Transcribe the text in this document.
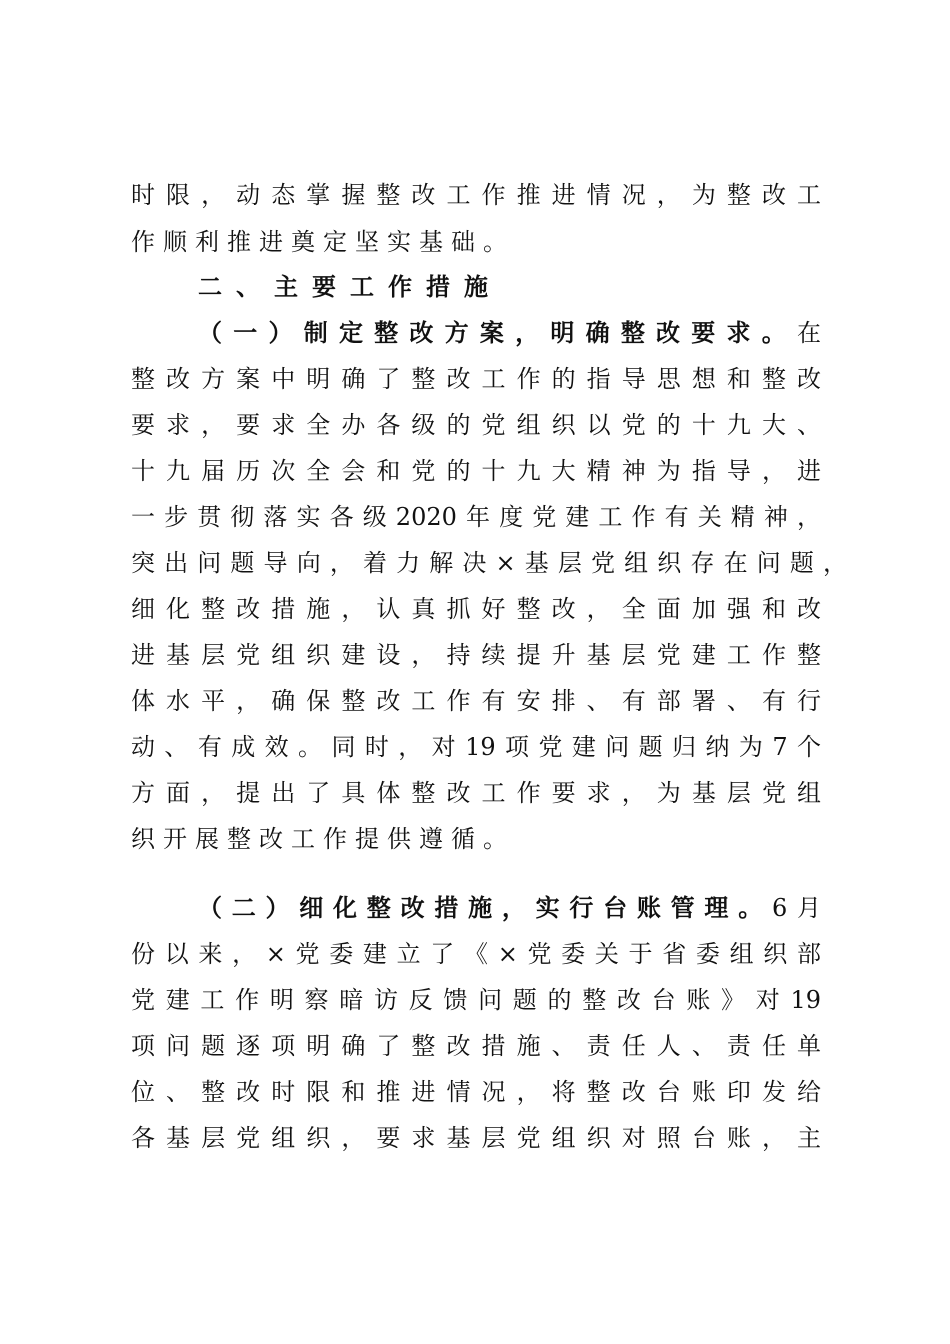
时限，动态掌握整改工作推进情况，为整改工
作顺利推进奠定坚实基础。
二、主要工作措施
（一）制定整改方案，明确整改要求。在
整改方案中明确了整改工作的指导思想和整改
要求，要求全办各级的党组织以党的十九大、
十九届历次全会和党的十九大精神为指导，进
一步贯彻落实各级2020年度党建工作有关精神，
突出问题导向，着力解决×基层党组织存在问题，
细化整改措施，认真抓好整改，全面加强和改
进基层党组织建设，持续提升基层党建工作整
体水平，确保整改工作有安排、有部署、有行
动、有成效。同时，对19项党建问题归纳为7个
方面，提出了具体整改工作要求，为基层党组
织开展整改工作提供遵循。
（二）细化整改措施，实行台账管理。6月
份以来，×党委建立了《×党委关于省委组织部
党建工作明察暗访反馈问题的整改台账》对19
项问题逐项明确了整改措施、责任人、责任单
位、整改时限和推进情况，将整改台账印发给
各基层党组织，要求基层党组织对照台账，主
